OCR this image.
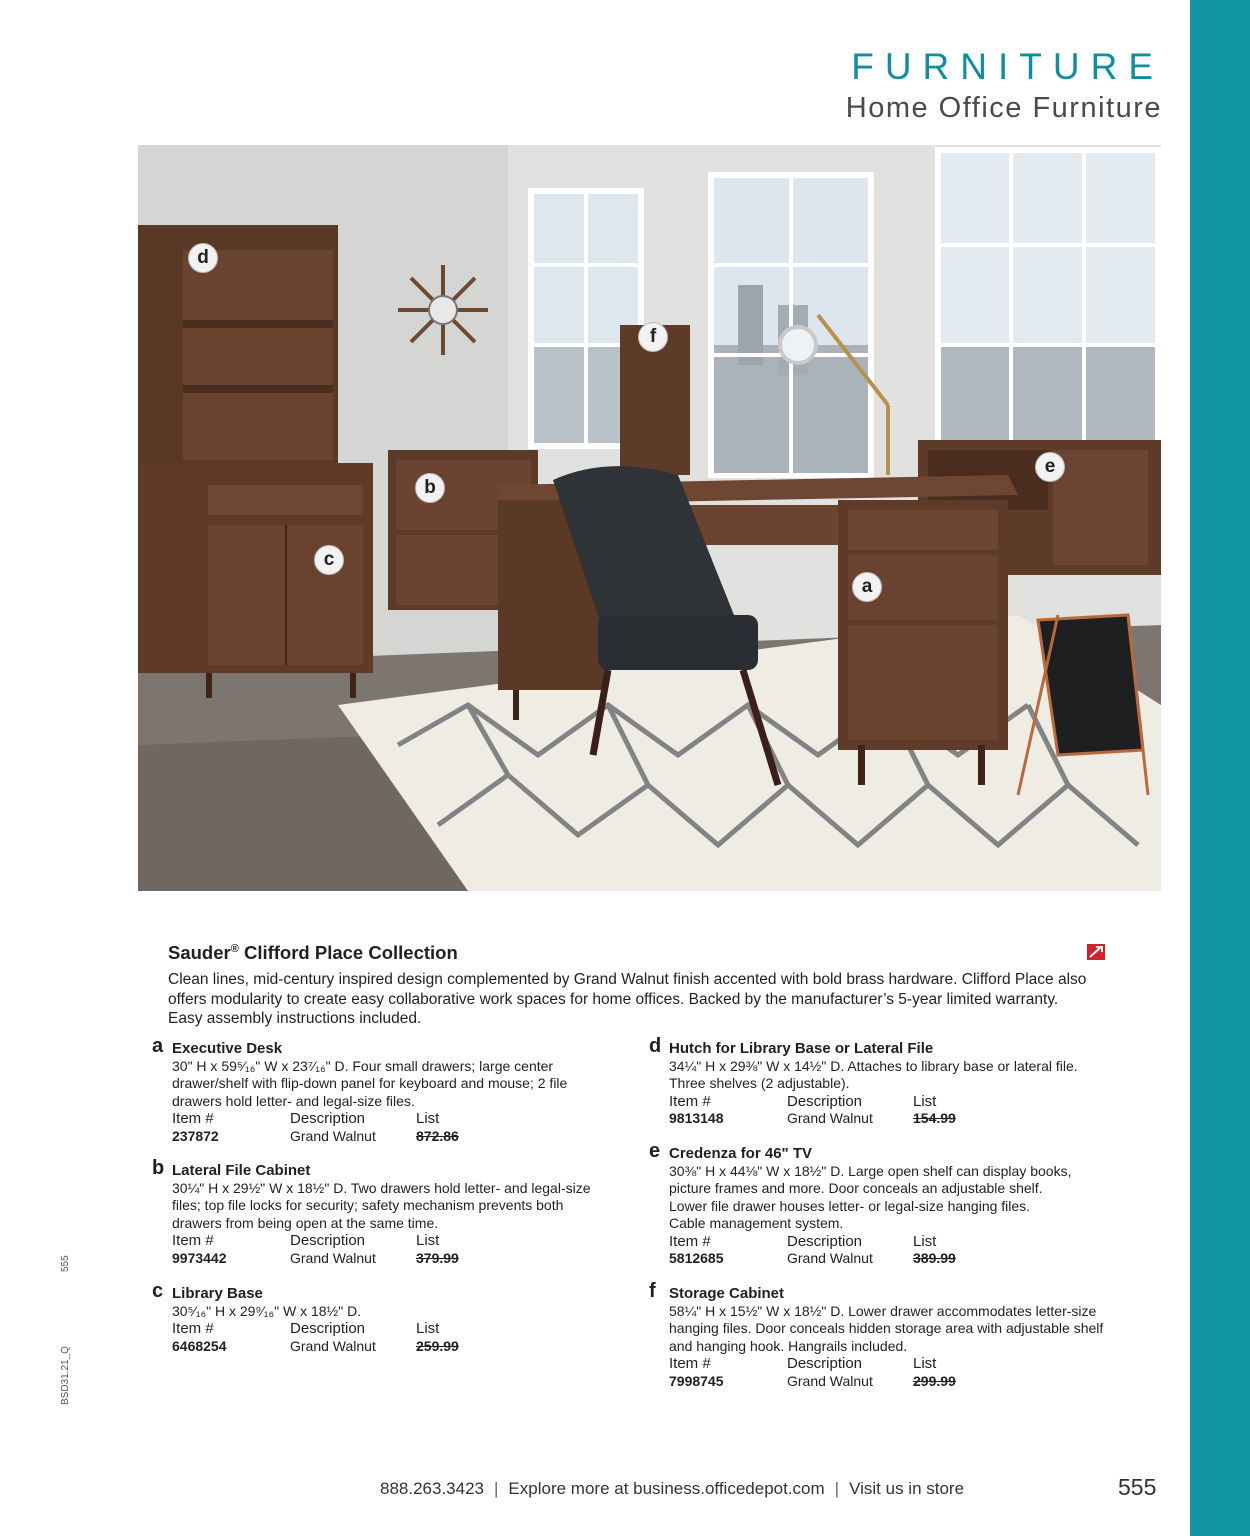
FURNITURE
Home Office Furniture
d
f
b
e
c
a
Sauder® Clifford Place Collection
Clean lines, mid-century inspired design complemented by Grand Walnut finish accented with bold brass hardware. Clifford Place also
offers modularity to create easy collaborative work spaces for home offices. Backed by the manufacturer’s 5-year limited warranty.
Easy assembly instructions included.
a Executive Desk
30" H x 59⁵⁄₁₆" W x 23⁷⁄₁₆" D. Four small drawers; large center
drawer/shelf with flip-down panel for keyboard and mouse; 2 file
drawers hold letter- and legal-size files.
Item #	Description	List
237872	Grand Walnut	872.86
b Lateral File Cabinet
30¼" H x 29½" W x 18½" D. Two drawers hold letter- and legal-size
files; top file locks for security; safety mechanism prevents both
drawers from being open at the same time.
Item #	Description	List
9973442	Grand Walnut	379.99
c Library Base
30⁵⁄₁₆" H x 29⁹⁄₁₆" W x 18½" D.
Item #	Description	List
6468254	Grand Walnut	259.99
d Hutch for Library Base or Lateral File
34¼" H x 29⅜" W x 14½" D. Attaches to library base or lateral file.
Three shelves (2 adjustable).
Item #	Description	List
9813148	Grand Walnut	154.99
e Credenza for 46" TV
30⅜" H x 44⅛" W x 18½" D. Large open shelf can display books,
picture frames and more. Door conceals an adjustable shelf.
Lower file drawer houses letter- or legal-size hanging files.
Cable management system.
Item #	Description	List
5812685	Grand Walnut	389.99
f Storage Cabinet
58¼" H x 15½" W x 18½" D. Lower drawer accommodates letter-size
hanging files. Door conceals hidden storage area with adjustable shelf
and hanging hook. Hangrails included.
Item #	Description	List
7998745	Grand Walnut	299.99
555
BSD31.21_Q
888.263.3423 | Explore more at business.officedepot.com | Visit us in store	555
